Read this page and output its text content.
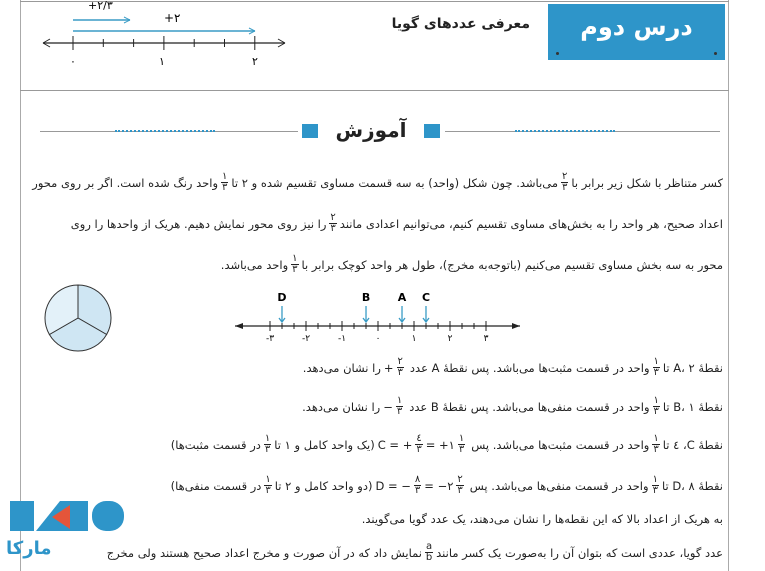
درس دوم
معرفی عددهای گویا
+۲/۳
+۲
۰	۱	۲
آموزش
کسر متناظر با شکل زیر برابر با
$\frac{۲}{۳}$
می‌باشد. چون شکل (واحد) به سه قسمت مساوی تقسیم شده و ۲ تا
$\frac{۱}{۳}$
واحد رنگ شده است. اگر بر روی محور
اعداد صحیح، هر واحد را به بخش‌های مساوی تقسیم کنیم، می‌توانیم اعدادی مانند
$\frac{۲}{۳}$
را نیز روی محور نمایش دهیم. هریک از واحدها را روی
محور به سه بخش مساوی تقسیم می‌کنیم (باتوجه‌به مخرج)، طول هر واحد کوچک برابر با
$\frac{۱}{۳}$
واحد می‌باشد.
-۳	-۲	-۱	۰	۱	۲	۳
D	B	A C
نقطهٔ A، ۲ تا
$\frac{۱}{۳}$
واحد در قسمت مثبت‌ها می‌باشد. پس نقطهٔ A عدد
+ $\frac{۲}{۳}$
را نشان می‌دهد.
نقطهٔ B، ۱ تا
$\frac{۱}{۳}$
واحد در قسمت منفی‌ها می‌باشد. پس نقطهٔ B عدد
− $\frac{۱}{۳}$
را نشان می‌دهد.
نقطهٔ C، ٤ تا
$\frac{۱}{۳}$
واحد در قسمت مثبت‌ها می‌باشد. پس
C = + $\frac{٤}{۳}$ = +۱ $\frac{۱}{۳}$
(یک واحد کامل و ۱ تا
$\frac{۱}{۳}$
در قسمت مثبت‌ها)
نقطهٔ D، ۸ تا
$\frac{۱}{۳}$
واحد در قسمت منفی‌ها می‌باشد. پس
D = − $\frac{۸}{۳}$ = −۲ $\frac{۲}{۳}$
(دو واحد کامل و ۲ تا
$\frac{۱}{۳}$
در قسمت منفی‌ها)
به هریک از اعداد بالا که این نقطه‌ها را نشان می‌دهند، یک عدد گویا می‌گویند.
عدد گویا، عددی است که بتوان آن را به‌صورت یک کسر مانند
$\frac{a}{b}$
نمایش داد که در آن صورت و مخرج اعداد صحیح هستند ولی مخرج
مارکا
